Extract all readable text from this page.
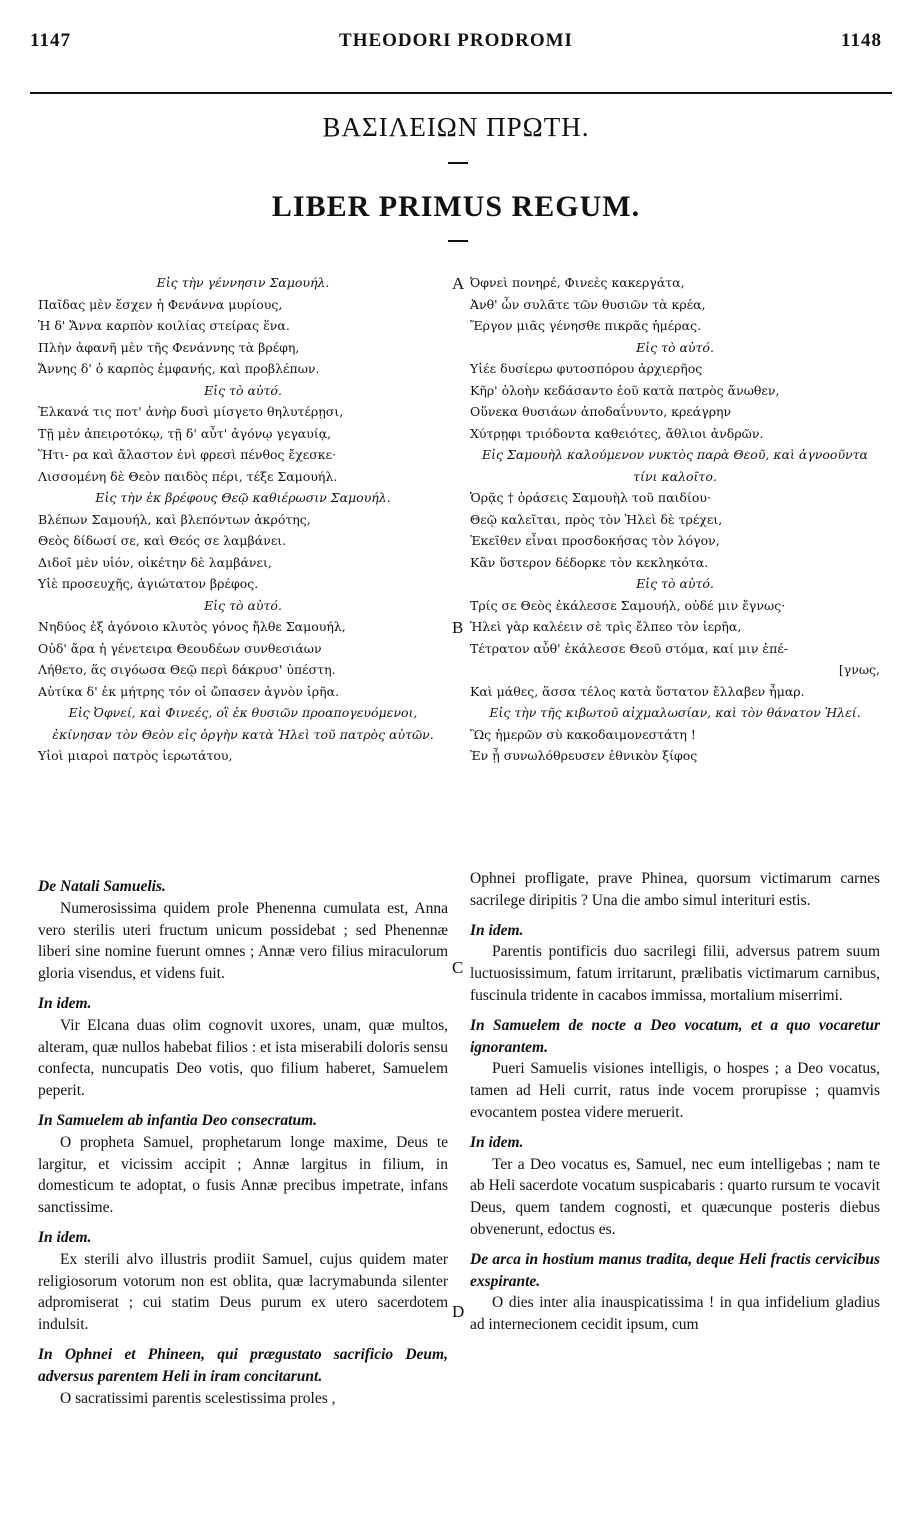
1147	THEODORI PRODROMI	1148
ΒΑΣΙΛΕΙΩΝ ΠΡΩΤΗ.
LIBER PRIMUS REGUM.

Εἰς τὴν γέννησιν Σαμουήλ.

Παῖδας μὲν ἔσχεν ἡ Φενάννα μυρίους,

Ἡ δ' Ἄννα καρπὸν κοιλίας στείρας ἕνα.

Πλὴν ἀφανῆ μὲν τῆς Φενάννης τὰ βρέφη,

Ἄννης δ' ὁ καρπὸς ἐμφανής, καὶ προβλέπων.

Εἰς τὸ αὐτό.

Ἐλκανά τις ποτ' ἀνὴρ δυσὶ μίσγετο θηλυτέρῃσι,

Τῇ μὲν ἀπειροτόκῳ, τῇ δ' αὖτ' ἀγόνῳ γεγαυίᾳ,

Ἥτι- ρα καὶ ἄλαστον ἐνὶ φρεσὶ πένθος ἔχεσκε·

Λισσομένη δὲ Θεὸν παιδὸς πέρι, τέξε Σαμουήλ.

Εἰς τὴν ἐκ βρέφους Θεῷ καθιέρωσιν Σαμουήλ.

Βλέπων Σαμουήλ, καὶ βλεπόντων ἀκρότης,

Θεὸς δίδωσί σε, καὶ Θεός σε λαμβάνει.

Διδοῖ μὲν υἱόν, οἰκέτην δὲ λαμβάνει,

Υἱὲ προσευχῆς, ἁγιώτατον βρέφος.

Εἰς τὸ αὐτό.

Νηδύος ἐξ ἀγόνοιο κλυτὸς γόνος ἤλθε Σαμουήλ,

Οὐδ' ἄρα ἡ γένετειρα Θεουδέων συνθεσιάων

Λήθετο, ἅς σιγόωσα Θεῷ περὶ δάκρυσ' ὑπέστη.

Αὐτίκα δ' ἐκ μήτρης τόν οἱ ὤπασεν ἁγνὸν ἱρῆα.

Εἰς Ὀφνεί, καὶ Φινεές, οἳ ἐκ θυσιῶν προαπογευόμενοι, ἐκίνησαν τὸν Θεὸν εἰς ὀργὴν κατὰ Ἡλεὶ τοῦ πατρὸς αὐτῶν.

Υἱοὶ μιαροὶ πατρὸς ἱερωτάτου,

Ὀφνεὶ πονηρέ, Φινεὲς κακεργάτα,

Ἀνθ' ὧν συλᾶτε τῶν θυσιῶν τὰ κρέα,

Ἔργον μιᾶς γένησθε πικρᾶς ἡμέρας.

Εἰς τὸ αὐτό.

Υἱέε δυσίερω φυτοσπόρου ἀρχιερῆος

Κῆρ' ὀλοὴν κεδάσαντο ἑοῦ κατὰ πατρὸς ἄνωθεν,

Οὕνεκα θυσιάων ἀποδαΐνυντο, κρεάγρην

Χύτρῃφι τριόδοντα καθειότες, ἄθλιοι ἀνδρῶν.

Εἰς Σαμουὴλ καλούμενον νυκτὸς παρὰ Θεοῦ, καὶ ἀγνοοῦντα τίνι καλοῖτο.

Ὁρᾷς † ὁράσεις Σαμουὴλ τοῦ παιδίου·

Θεῷ καλεῖται, πρὸς τὸν Ἡλεὶ δὲ τρέχει,

Ἐκεῖθεν εἶναι προσδοκήσας τὸν λόγον,

Κἂν ὕστερον δέδορκε τὸν κεκληκότα.

Εἰς τὸ αὐτό.

Τρίς σε Θεὸς ἐκάλεσσε Σαμουήλ, οὐδέ μιν ἔγνως·

Ἡλεὶ γὰρ καλέειν σὲ τρὶς ἔλπεο τὸν ἱερῆα,

Τέτρατον αὖθ' ἐκάλεσσε Θεοῦ στόμα, καί μιν ἐπέ-

[γνως,

Καὶ μάθες, ἅσσα τέλος κατὰ ὕστατον ἔλλαβεν ἦμαρ.

Εἰς τὴν τῆς κιβωτοῦ αἰχμαλωσίαν, καὶ τὸν θάνατον Ἡλεί.

Ὢς ἡμερῶν σὺ κακοδαιμονεστάτη !

Ἐν ᾗ συνωλόθρευσεν ἐθνικὸν ξίφος

De Natali Samuelis.

Numerosissima quidem prole Phenenna cumulata est, Anna vero sterilis uteri fructum unicum possidebat ; sed Phenennæ liberi sine nomine fuerunt omnes ; Annæ vero filius miraculorum gloria visendus, et videns fuit.

In idem.

Vir Elcana duas olim cognovit uxores, unam, quæ multos, alteram, quæ nullos habebat filios : et ista miserabili doloris sensu confecta, nuncupatis Deo votis, quo filium haberet, Samuelem peperit.

In Samuelem ab infantia Deo consecratum.

O propheta Samuel, prophetarum longe maxime, Deus te largitur, et vicissim accipit ; Annæ largitus in filium, in domesticum te adoptat, o fusis Annæ precibus impetrate, infans sanctissime.

In idem.

Ex sterili alvo illustris prodiit Samuel, cujus quidem mater religiosorum votorum non est oblita, quæ lacrymabunda silenter adpromiserat ; cui statim Deus purum ex utero sacerdotem indulsit.

In Ophnei et Phineen, qui prægustato sacrificio Deum, adversus parentem Heli in iram concitarunt.

O sacratissimi parentis scelestissima proles ,

Ophnei profligate, prave Phinea, quorsum victimarum carnes sacrilege diripitis ? Una die ambo simul interituri estis.

In idem.

Parentis pontificis duo sacrilegi filii, adversus patrem suum luctuosissimum, fatum irritarunt, prælibatis victimarum carnibus, fuscinula tridente in cacabos immissa, mortalium miserrimi.

In Samuelem de nocte a Deo vocatum, et a quo vocaretur ignorantem.

Pueri Samuelis visiones intelligis, o hospes ; a Deo vocatus, tamen ad Heli currit, ratus inde vocem prorupisse ; quamvis evocantem postea videre meruerit.

In idem.

Ter a Deo vocatus es, Samuel, nec eum intelligebas ; nam te ab Heli sacerdote vocatum suspicabaris : quarto rursum te vocavit Deus, quem tandem cognosti, et quæcunque posteris diebus obvenerunt, edoctus es.

De arca in hostium manus tradita, deque Heli fractis cervicibus exspirante.

O dies inter alia inauspicatissima ! in qua infidelium gladius ad internecionem cecidit ipsum, cum

A
B
C
D
